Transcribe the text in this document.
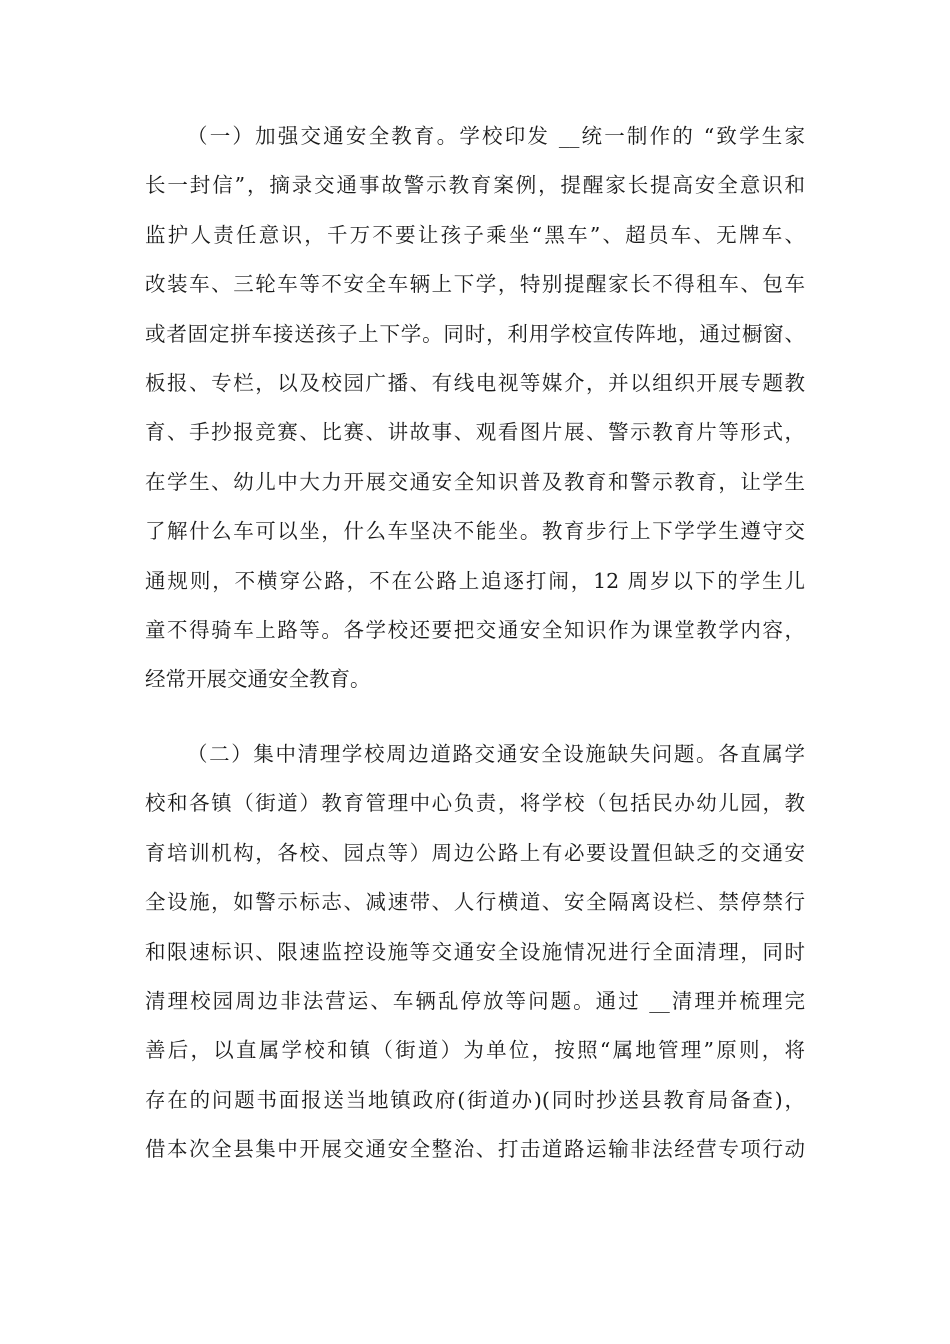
（一）加强交通安全教育。学校印发 __统一制作的 “致学生家
长一封信”，摘录交通事故警示教育案例，提醒家长提高安全意识和
监护人责任意识，千万不要让孩子乘坐“黑车”、超员车、无牌车、
改装车、三轮车等不安全车辆上下学，特别提醒家长不得租车、包车
或者固定拼车接送孩子上下学。同时，利用学校宣传阵地，通过橱窗、
板报、专栏，以及校园广播、有线电视等媒介，并以组织开展专题教
育、手抄报竞赛、比赛、讲故事、观看图片展、警示教育片等形式，
在学生、幼儿中大力开展交通安全知识普及教育和警示教育，让学生
了解什么车可以坐，什么车坚决不能坐。教育步行上下学学生遵守交
通规则，不横穿公路，不在公路上追逐打闹，12 周岁以下的学生儿
童不得骑车上路等。各学校还要把交通安全知识作为课堂教学内容，
经常开展交通安全教育。
（二）集中清理学校周边道路交通安全设施缺失问题。各直属学
校和各镇（街道）教育管理中心负责，将学校（包括民办幼儿园，教
育培训机构，各校、园点等）周边公路上有必要设置但缺乏的交通安
全设施，如警示标志、减速带、人行横道、安全隔离设栏、禁停禁行
和限速标识、限速监控设施等交通安全设施情况进行全面清理，同时
清理校园周边非法营运、车辆乱停放等问题。通过 __清理并梳理完
善后，以直属学校和镇（街道）为单位，按照“属地管理”原则，将
存在的问题书面报送当地镇政府(街道办)(同时抄送县教育局备查)，
借本次全县集中开展交通安全整治、打击道路运输非法经营专项行动
